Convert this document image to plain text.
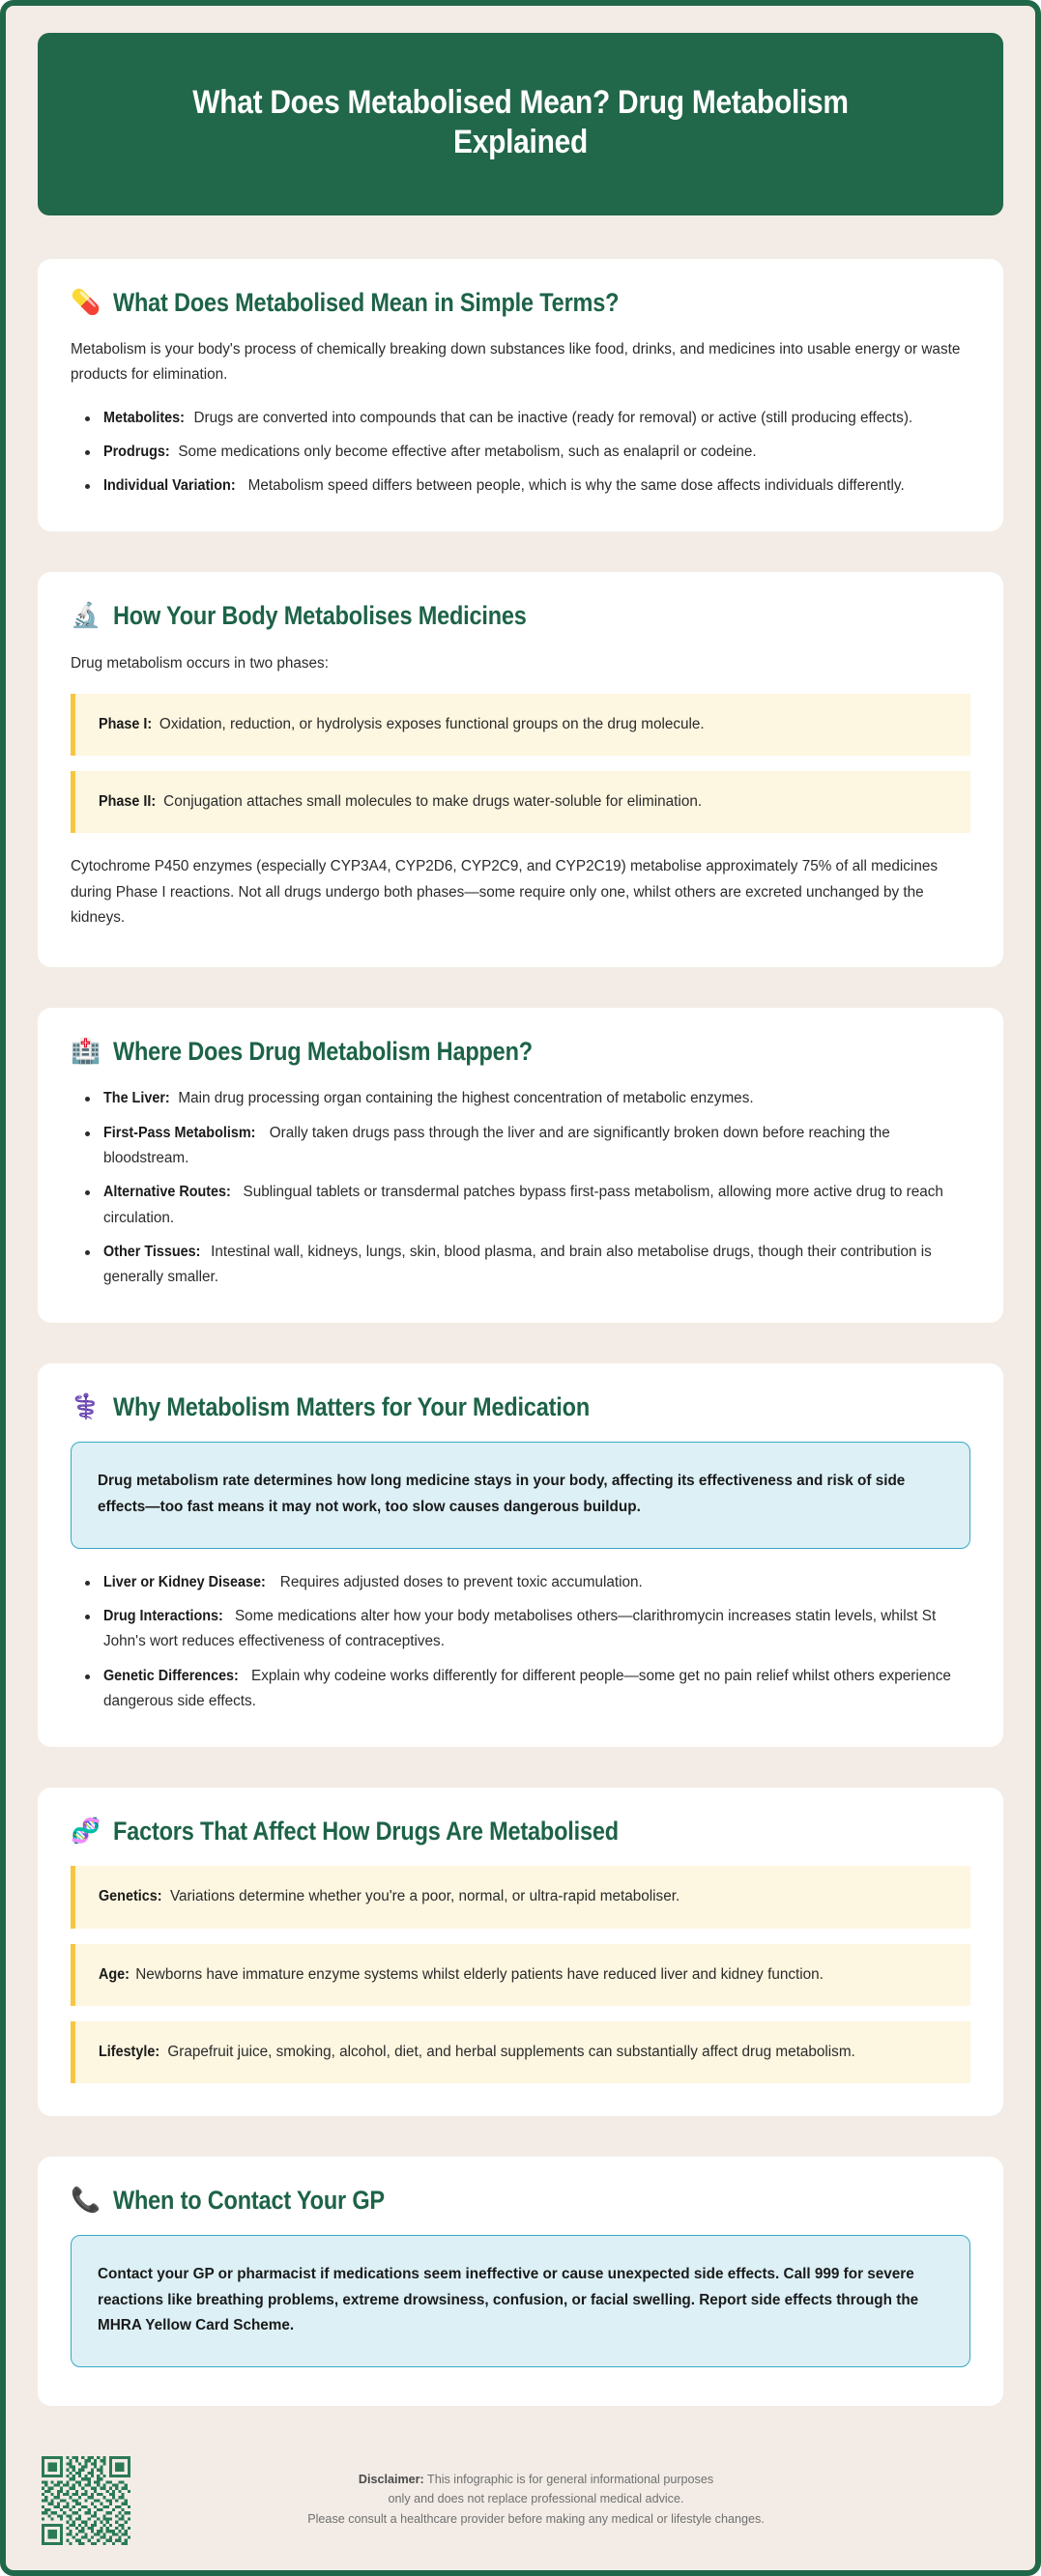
What Does Metabolised Mean? Drug Metabolism Explained
💊 What Does Metabolised Mean in Simple Terms?

Metabolism is your body's process of chemically breaking down substances like food, drinks, and medicines into usable energy or waste products for elimination.

Metabolites: Drugs are converted into compounds that can be inactive (ready for removal) or active (still producing effects).
Prodrugs: Some medications only become effective after metabolism, such as enalapril or codeine.
Individual Variation: Metabolism speed differs between people, which is why the same dose affects individuals differently.
🔬 How Your Body Metabolises Medicines

Drug metabolism occurs in two phases:

Phase I: Oxidation, reduction, or hydrolysis exposes functional groups on the drug molecule.
Phase II: Conjugation attaches small molecules to make drugs water-soluble for elimination.

Cytochrome P450 enzymes (especially CYP3A4, CYP2D6, CYP2C9, and CYP2C19) metabolise approximately 75% of all medicines during Phase I reactions. Not all drugs undergo both phases—some require only one, whilst others are excreted unchanged by the kidneys.

🏥 Where Does Drug Metabolism Happen?
The Liver: Main drug processing organ containing the highest concentration of metabolic enzymes.
First-Pass Metabolism: Orally taken drugs pass through the liver and are significantly broken down before reaching the bloodstream.
Alternative Routes: Sublingual tablets or transdermal patches bypass first-pass metabolism, allowing more active drug to reach circulation.
Other Tissues: Intestinal wall, kidneys, lungs, skin, blood plasma, and brain also metabolise drugs, though their contribution is generally smaller.
⚕️ Why Metabolism Matters for Your Medication
Drug metabolism rate determines how long medicine stays in your body, affecting its effectiveness and risk of side effects—too fast means it may not work, too slow causes dangerous buildup.
Liver or Kidney Disease: Requires adjusted doses to prevent toxic accumulation.
Drug Interactions: Some medications alter how your body metabolises others—clarithromycin increases statin levels, whilst St John's wort reduces effectiveness of contraceptives.
Genetic Differences: Explain why codeine works differently for different people—some get no pain relief whilst others experience dangerous side effects.
🧬 Factors That Affect How Drugs Are Metabolised
Genetics: Variations determine whether you're a poor, normal, or ultra-rapid metaboliser.
Age: Newborns have immature enzyme systems whilst elderly patients have reduced liver and kidney function.
Lifestyle: Grapefruit juice, smoking, alcohol, diet, and herbal supplements can substantially affect drug metabolism.
📞 When to Contact Your GP
Contact your GP or pharmacist if medications seem ineffective or cause unexpected side effects. Call 999 for severe reactions like breathing problems, extreme drowsiness, confusion, or facial swelling. Report side effects through the MHRA Yellow Card Scheme.
Disclaimer: This infographic is for general informational purposes
only and does not replace professional medical advice.
Please consult a healthcare provider before making any medical or lifestyle changes.
